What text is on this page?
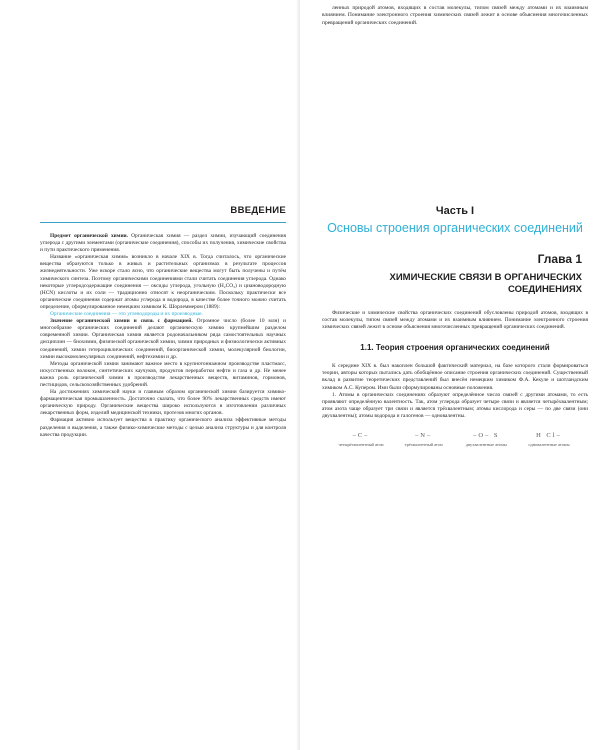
ВВЕДЕНИЕ

Предмет органической химии. Органическая химия — раздел химии, изучающий соединения углерода с другими элементами (органические соединения), способы их получения, химические свойства и пути практического применения.

Название «органическая химия» возникло в начале XIX в. Тогда считалось, что органические вещества образуются только в живых и растительных организмах в результате процессов жизнедеятельности. Уже вскоре стало ясно, что органические вещества могут быть получены и путём химического синтеза. Поэтому органическими соединениями стали считать соединения углерода. Однако некоторые углеродсодержащие соединения — оксиды углерода, угольную (H₂CO₃) и циановодородную (HCN) кислоты и их соли — традиционно относят к неорганическим. Поскольку практически все органические соединения содержат атомы углерода и водорода, в качестве более точного можно считать определение, сформулированное немецким химиком К. Шорлеммером (1889):

Органические соединения — это углеводороды и их производные.

Значение органической химии и связь с фармацией. Огромное число (более 10 млн) и многообразие органических соединений делают органическую химию крупнейшим разделом современной химии. Органическая химия является родоначальником ряда самостоятельных научных дисциплин — биохимии, физической органической химии, химии природных и физиологически активных соединений, химии гетероциклических соединений, биоорганической химии, молекулярной биологии, химии высокомолекулярных соединений, нефтехимии и др.

Методы органической химии занимают важное место в крупнотоннажном производстве пластмасс, искусственных волокон, синтетических каучуков, продуктов переработки нефти и газа и др. Не менее важна роль органической химии в производстве лекарственных веществ, витаминов, гормонов, пестицидов, сельскохозяйственных удобрений.

На достижениях химической науки и главным образом органической химии базируется химико-фармацевтическая промышленность. Достаточно сказать, что более 90% лекарственных средств имеют органическую природу. Органические вещества широко используются в изготовлении различных лекарственных форм, изделий медицинской техники, протезов многих органов.

Фармация активно использует вещества в практику органического анализа эффективные методы разделения и выделения, а также физико-химические методы с целью анализа структуры и для контроля качества продукции.

ленных природой атомов, входящих в состав молекулы, типом связей между атомами и их взаимным влиянием. Понимание электронного строения химических связей лежит в основе объяснения многочисленных превращений органических соединений.

Часть I
Основы строения органических соединений
Глава 1
ХИМИЧЕСКИЕ СВЯЗИ В ОРГАНИЧЕСКИХ СОЕДИНЕНИЯХ

Физические и химические свойства органических соединений обусловлены природой атомов, входящих в состав молекулы, типом связей между атомами и их взаимным влиянием. Понимание электронного строения химических связей лежит в основе объяснения многочисленных превращений органических соединений.

1.1. Теория строения органических соединений

К середине XIX в. был накоплен большой фактический материал, на базе которого стали формироваться теории, авторы которых пытались дать обобщённое описание строения органических соединений. Существенный вклад в развитие теоретических представлений был внесён немецким химиком Ф.А. Кекуле и шотландским химиком А.С. Купером. Ими были сформулированы основные положения.

1. Атомы в органических соединениях образуют определённое число связей с другими атомами, то есть проявляют определённую валентность. Так, атом углерода образует четыре связи и является четырёхвалентным; атом азота чаще образует три связи и является трёхвалентным; атомы кислорода и серы — по две связи (они двухвалентны); атомы водорода и галогенов — одновалентны.

–C–
четырёхвалентный атом
–N–
трёхвалентный атом
–O– S
двухвалентные атомы
H Cl–
одновалентные атомы
